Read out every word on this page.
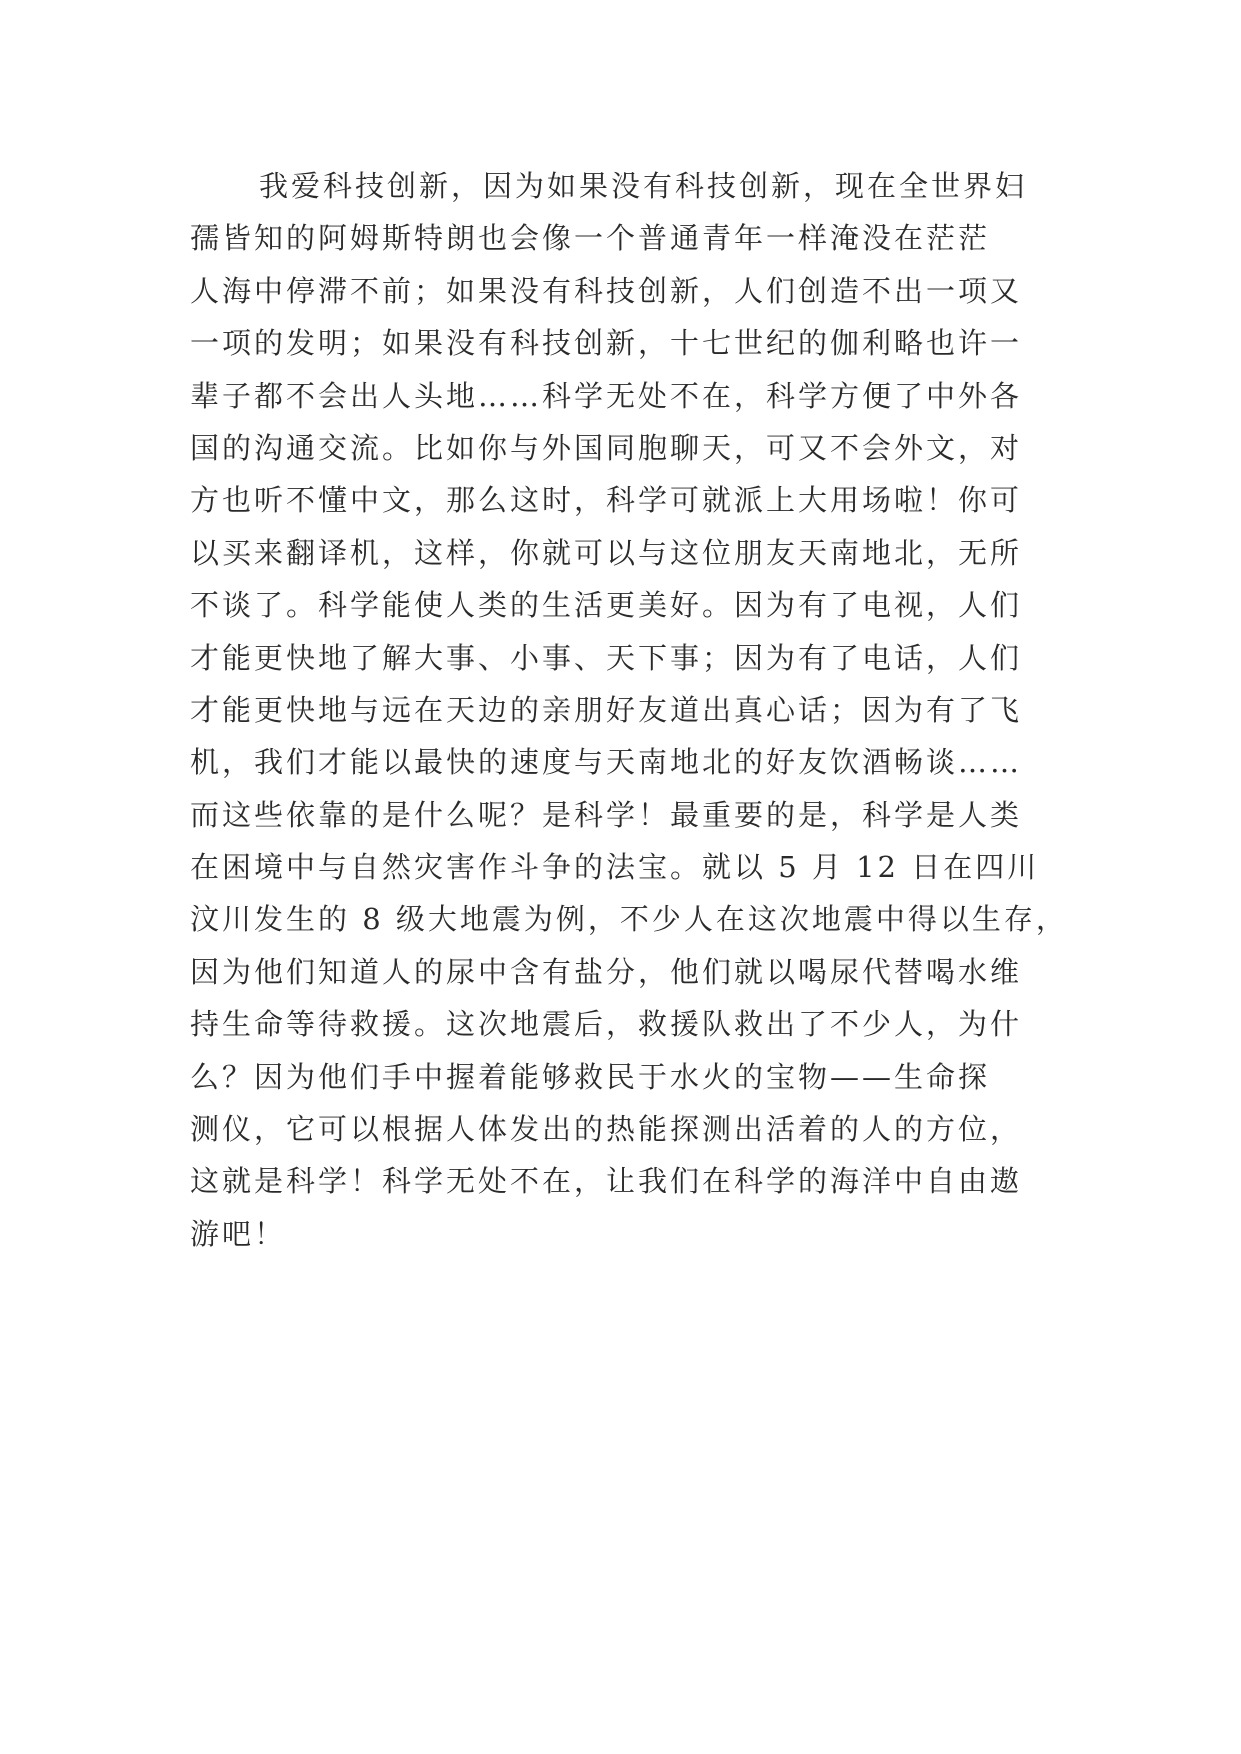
我爱科技创新，因为如果没有科技创新，现在全世界妇
孺皆知的阿姆斯特朗也会像一个普通青年一样淹没在茫茫
人海中停滞不前；如果没有科技创新，人们创造不出一项又
一项的发明；如果没有科技创新，十七世纪的伽利略也许一
辈子都不会出人头地……科学无处不在，科学方便了中外各
国的沟通交流。比如你与外国同胞聊天，可又不会外文，对
方也听不懂中文，那么这时，科学可就派上大用场啦！你可
以买来翻译机，这样，你就可以与这位朋友天南地北，无所
不谈了。科学能使人类的生活更美好。因为有了电视，人们
才能更快地了解大事、小事、天下事；因为有了电话，人们
才能更快地与远在天边的亲朋好友道出真心话；因为有了飞
机，我们才能以最快的速度与天南地北的好友饮酒畅谈……
而这些依靠的是什么呢？是科学！最重要的是，科学是人类
在困境中与自然灾害作斗争的法宝。就以 5 月 12 日在四川
汶川发生的 8 级大地震为例，不少人在这次地震中得以生存，
因为他们知道人的尿中含有盐分，他们就以喝尿代替喝水维
持生命等待救援。这次地震后，救援队救出了不少人，为什
么？因为他们手中握着能够救民于水火的宝物——生命探
测仪，它可以根据人体发出的热能探测出活着的人的方位，
这就是科学！科学无处不在，让我们在科学的海洋中自由遨
游吧！
